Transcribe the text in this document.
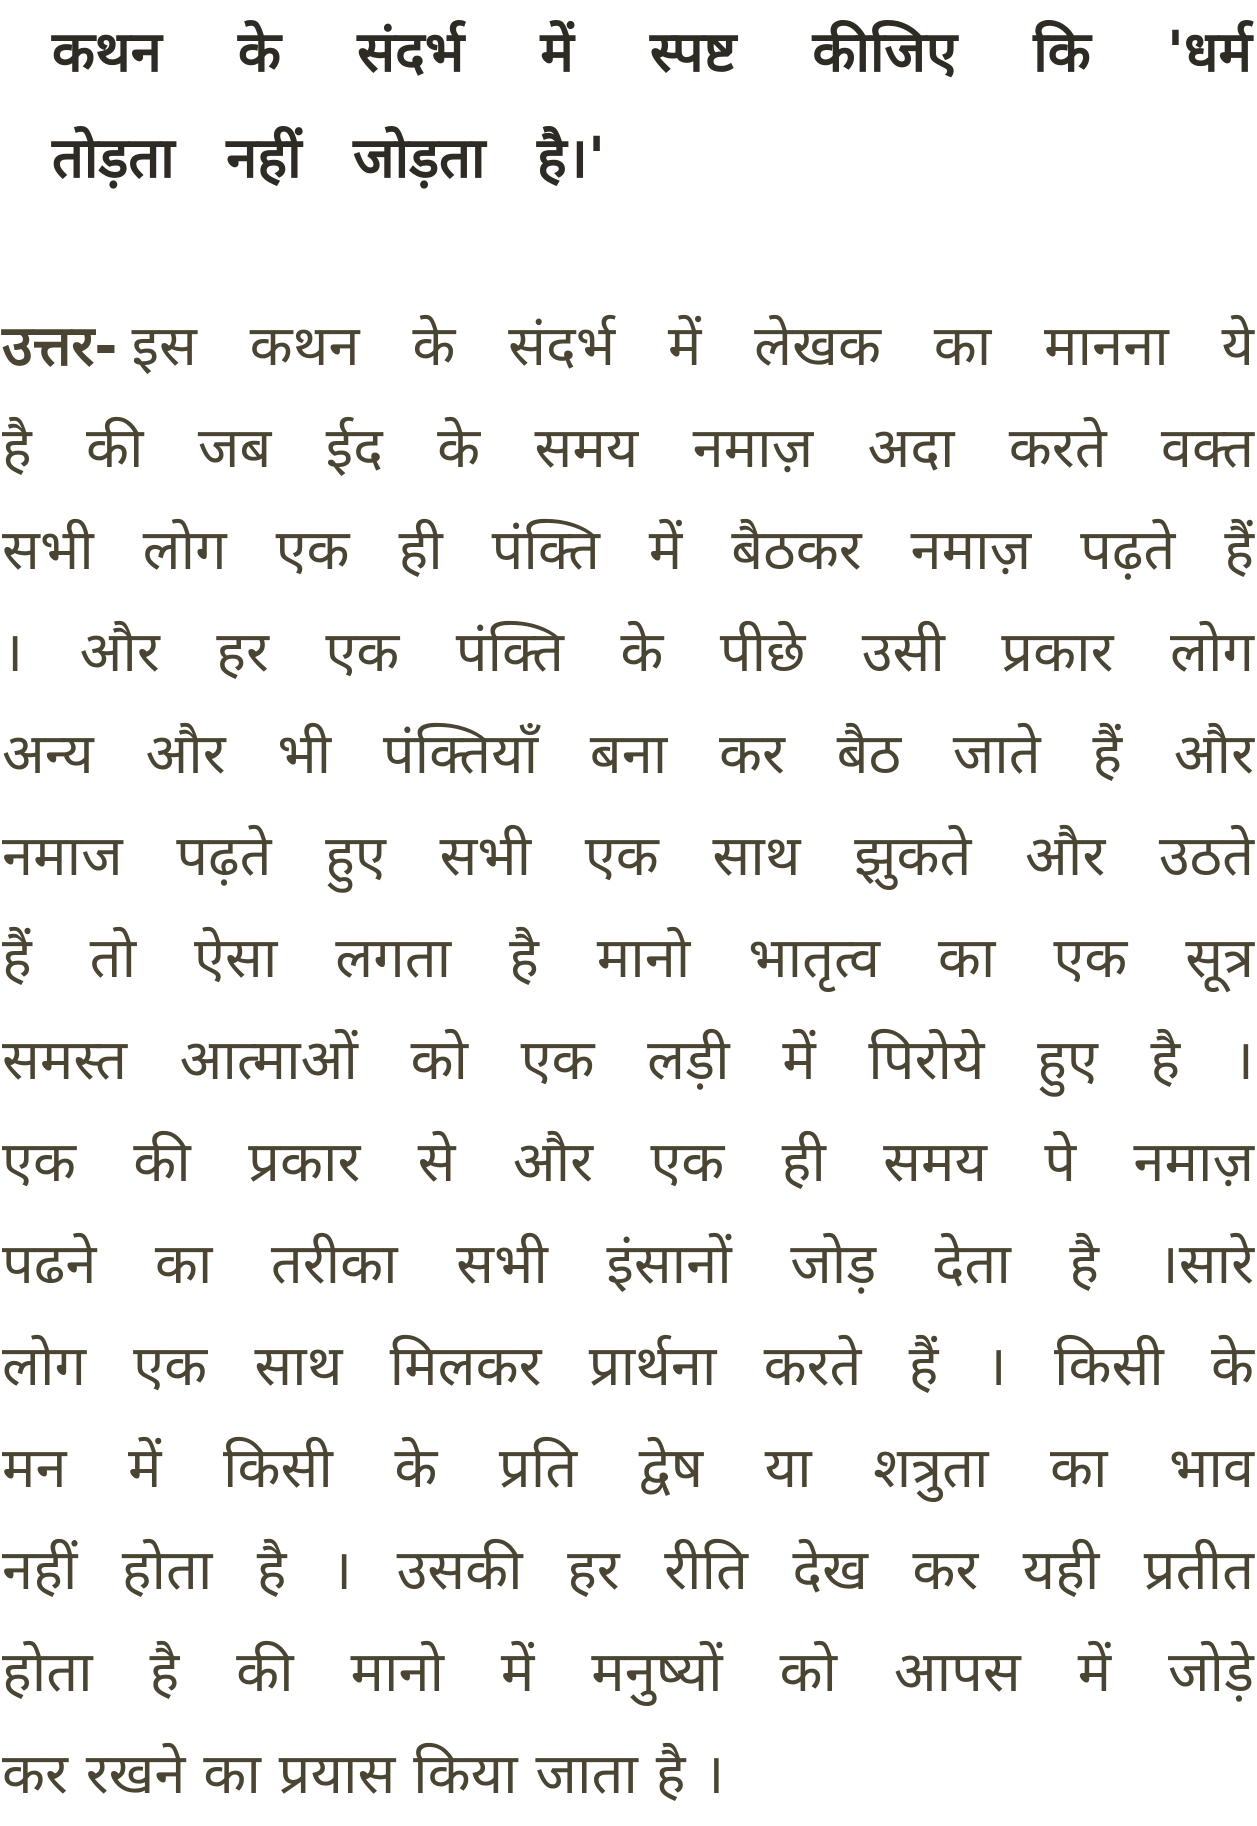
कथन के संदर्भ में स्पष्ट कीजिए कि 'धर्म
तोड़ता नहीं जोड़ता है।'
उत्तर- इस कथन के संदर्भ में लेखक का मानना ये
है की जब ईद के समय नमाज़ अदा करते वक्त
सभी लोग एक ही पंक्ति में बैठकर नमाज़ पढ़ते हैं
। और हर एक पंक्ति के पीछे उसी प्रकार लोग
अन्य और भी पंक्तियाँ बना कर बैठ जाते हैं और
नमाज पढ़ते हुए सभी एक साथ झुकते और उठते
हैं तो ऐसा लगता है मानो भातृत्व का एक सूत्र
समस्त आत्माओं को एक लड़ी में पिरोये हुए है ।
एक की प्रकार से और एक ही समय पे नमाज़
पढने का तरीका सभी इंसानों जोड़ देता है ।सारे
लोग एक साथ मिलकर प्रार्थना करते हैं । किसी के
मन में किसी के प्रति द्वेष या शत्रुता का भाव
नहीं होता है । उसकी हर रीति देख कर यही प्रतीत
होता है की मानो में मनुष्यों को आपस में जोड़े
कर रखने का प्रयास किया जाता है ।
